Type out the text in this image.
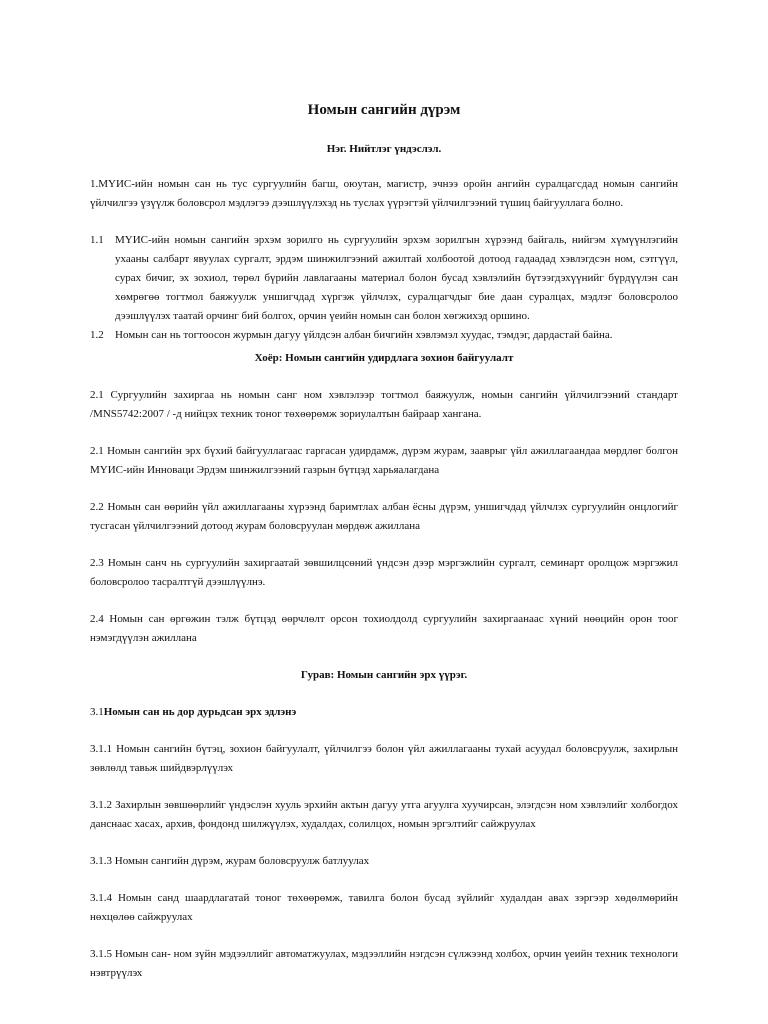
Номын сангийн дүрэм
Нэг. Нийтлэг үндэслэл.
1.МҮИС-ийн номын сан нь тус сургуулийн багш, оюутан, магистр, эчнээ оройн ангийн суралцагсдад номын сангийн үйлчилгээ үзүүлж боловсрол мэдлэгээ дээшлүүлэхэд нь туслах үүрэгтэй үйлчилгээний түшиц байгууллага болно.
1.1	МҮИС-ийн номын сангийн эрхэм зорилго нь сургуулийн эрхэм зорилгын хүрээнд байгаль, нийгэм хүмүүнлэгийн ухааны салбарт явуулах сургалт, эрдэм шинжилгээний ажилтай холбоотой дотоод гадаадад хэвлэгдсэн ном, сэтгүүл, сурах бичиг, эх зохиол, төрөл бүрийн лавлагааны материал болон бусад хэвлэлийн бүтээгдэхүүнийг бүрдүүлэн сан хөмрөгөө тогтмол баяжуулж уншигчдад хүргэж үйлчлэх, суралцагчдыг бие даан суралцах, мэдлэг боловсролоо дээшлүүлэх таатай орчинг бий болгох, орчин үеийн номын сан болон хөгжихэд оршино.
1.2	Номын сан нь тогтоосон журмын дагуу үйлдсэн албан бичгийн хэвлэмэл хуудас, тэмдэг, дардастай байна.
Хоёр: Номын сангийн удирдлага зохион байгуулалт
2.1 Сургуулийн захиргаа нь номын санг ном хэвлэлээр тогтмол баяжуулж, номын сангийн үйлчилгээний стандарт /MNS5742:2007 / -д нийцэх техник тоног төхөөрөмж зориулалтын байраар хангана.
2.1 Номын сангийн эрх бүхий байгууллагаас гаргасан удирдамж, дүрэм журам, зааврыг үйл ажиллагаандаа мөрдлөг болгон МҮИС-ийн Инноваци Эрдэм шинжилгээний газрын бүтцэд харьяалагдана
2.2 Номын сан өөрийн үйл ажиллагааны хүрээнд баримтлах албан ёсны дүрэм, уншигчдад үйлчлэх сургуулийн онцлогийг тусгасан үйлчилгээний дотоод журам боловсруулан мөрдөж ажиллана
2.3 Номын санч нь сургуулийн захиргаатай зөвшилцсөний үндсэн дээр мэргэжлийн сургалт, семинарт оролцож мэргэжил боловсролоо тасралтгүй дээшлүүлнэ.
2.4 Номын сан өргөжин тэлж бүтцэд өөрчлөлт орсон тохиолдолд сургуулийн захиргаанаас хүний нөөцийн орон тоог нэмэгдүүлэн ажиллана
Гурав: Номын сангийн эрх үүрэг.
3.1Номын сан нь дор дурьдсан эрх эдлэнэ
3.1.1 Номын сангийн бүтэц, зохион байгуулалт, үйлчилгээ болон үйл ажиллагааны тухай асуудал боловсруулж, захирлын зөвлөлд тавьж шийдвэрлүүлэх
3.1.2 Захирлын зөвшөөрлийг үндэслэн хууль эрхийн актын дагуу утга агуулга хуучирсан, элэгдсэн ном хэвлэлийг холбогдох данснаас хасах, архив, фондонд шилжүүлэх, худалдах, солилцох, номын эргэлтийг сайжруулах
3.1.3 Номын сангийн дүрэм, журам боловсруулж батлуулах
3.1.4 Номын санд шаардлагатай тоног төхөөрөмж, тавилга болон бусад зүйлийг худалдан авах зэргээр хөдөлмөрийн нөхцөлөө сайжруулах
3.1.5 Номын сан- ном зүйн мэдээллийг автоматжуулах, мэдээллийн нэгдсэн сүлжээнд холбох, орчин үеийн техник технологи нэвтрүүлэх
